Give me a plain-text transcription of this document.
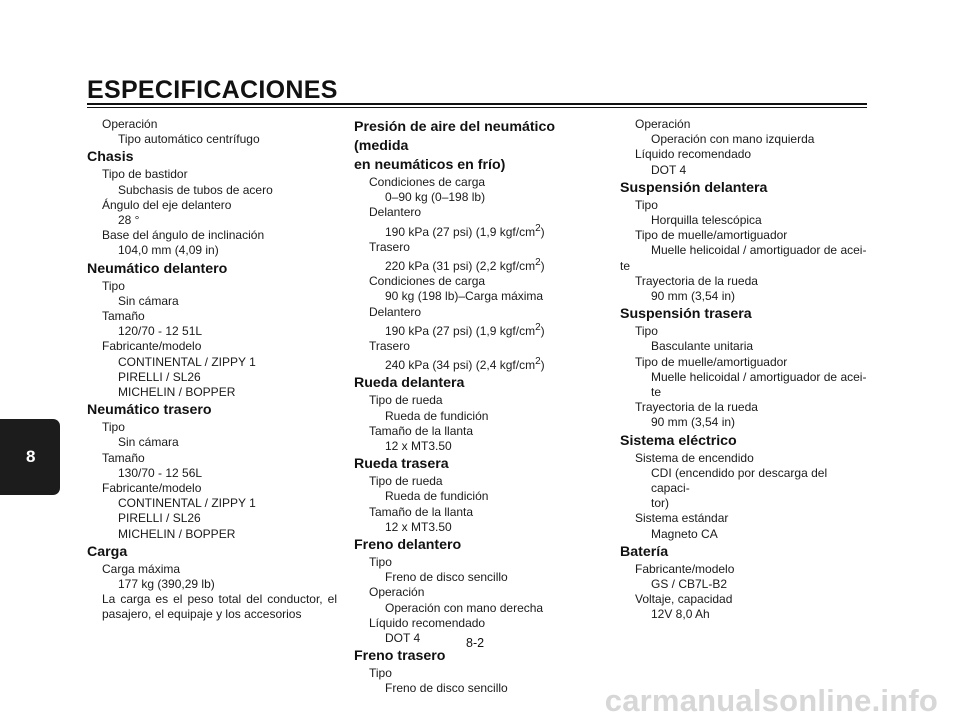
ESPECIFICACIONES
8
Operación
Tipo automático centrífugo
Chasis
Tipo de bastidor
Subchasis de tubos de acero
Ángulo del eje delantero
28 °
Base del ángulo de inclinación
104,0 mm (4,09 in)
Neumático delantero
Tipo
Sin cámara
Tamaño
120/70 - 12 51L
Fabricante/modelo
CONTINENTAL / ZIPPY 1
PIRELLI / SL26
MICHELIN / BOPPER
Neumático trasero
Tipo
Sin cámara
Tamaño
130/70 - 12 56L
Fabricante/modelo
CONTINENTAL / ZIPPY 1
PIRELLI / SL26
MICHELIN / BOPPER
Carga
Carga máxima
177 kg (390,29 lb)
La carga es el peso total del conductor, el pasajero, el equipaje y los accesorios
Presión de aire del neumático (medida
en neumáticos en frío)
Condiciones de carga
0–90 kg (0–198 lb)
Delantero
190 kPa (27 psi) (1,9 kgf/$cm^2$)
Trasero
220 kPa (31 psi) (2,2 kgf/$cm^2$)
Condiciones de carga
90 kg (198 lb)–Carga máxima
Delantero
190 kPa (27 psi) (1,9 kgf/$cm^2$)
Trasero
240 kPa (34 psi) (2,4 kgf/$cm^2$)
Rueda delantera
Tipo de rueda
Rueda de fundición
Tamaño de la llanta
12 x MT3.50
Rueda trasera
Tipo de rueda
Rueda de fundición
Tamaño de la llanta
12 x MT3.50
Freno delantero
Tipo
Freno de disco sencillo
Operación
Operación con mano derecha
Líquido recomendado
DOT 4
Freno trasero
Tipo
Freno de disco sencillo
Operación
Operación con mano izquierda
Líquido recomendado
DOT 4
Suspensión delantera
Tipo
Horquilla telescópica
Tipo de muelle/amortiguador
Muelle helicoidal / amortiguador de acei-
te
Trayectoria de la rueda
90 mm (3,54 in)
Suspensión trasera
Tipo
Basculante unitaria
Tipo de muelle/amortiguador
Muelle helicoidal / amortiguador de acei-
te
Trayectoria de la rueda
90 mm (3,54 in)
Sistema eléctrico
Sistema de encendido
CDI (encendido por descarga del capaci-
tor)
Sistema estándar
Magneto CA
Batería
Fabricante/modelo
GS / CB7L-B2
Voltaje, capacidad
12V 8,0 Ah
8-2
carmanualsonline.info
